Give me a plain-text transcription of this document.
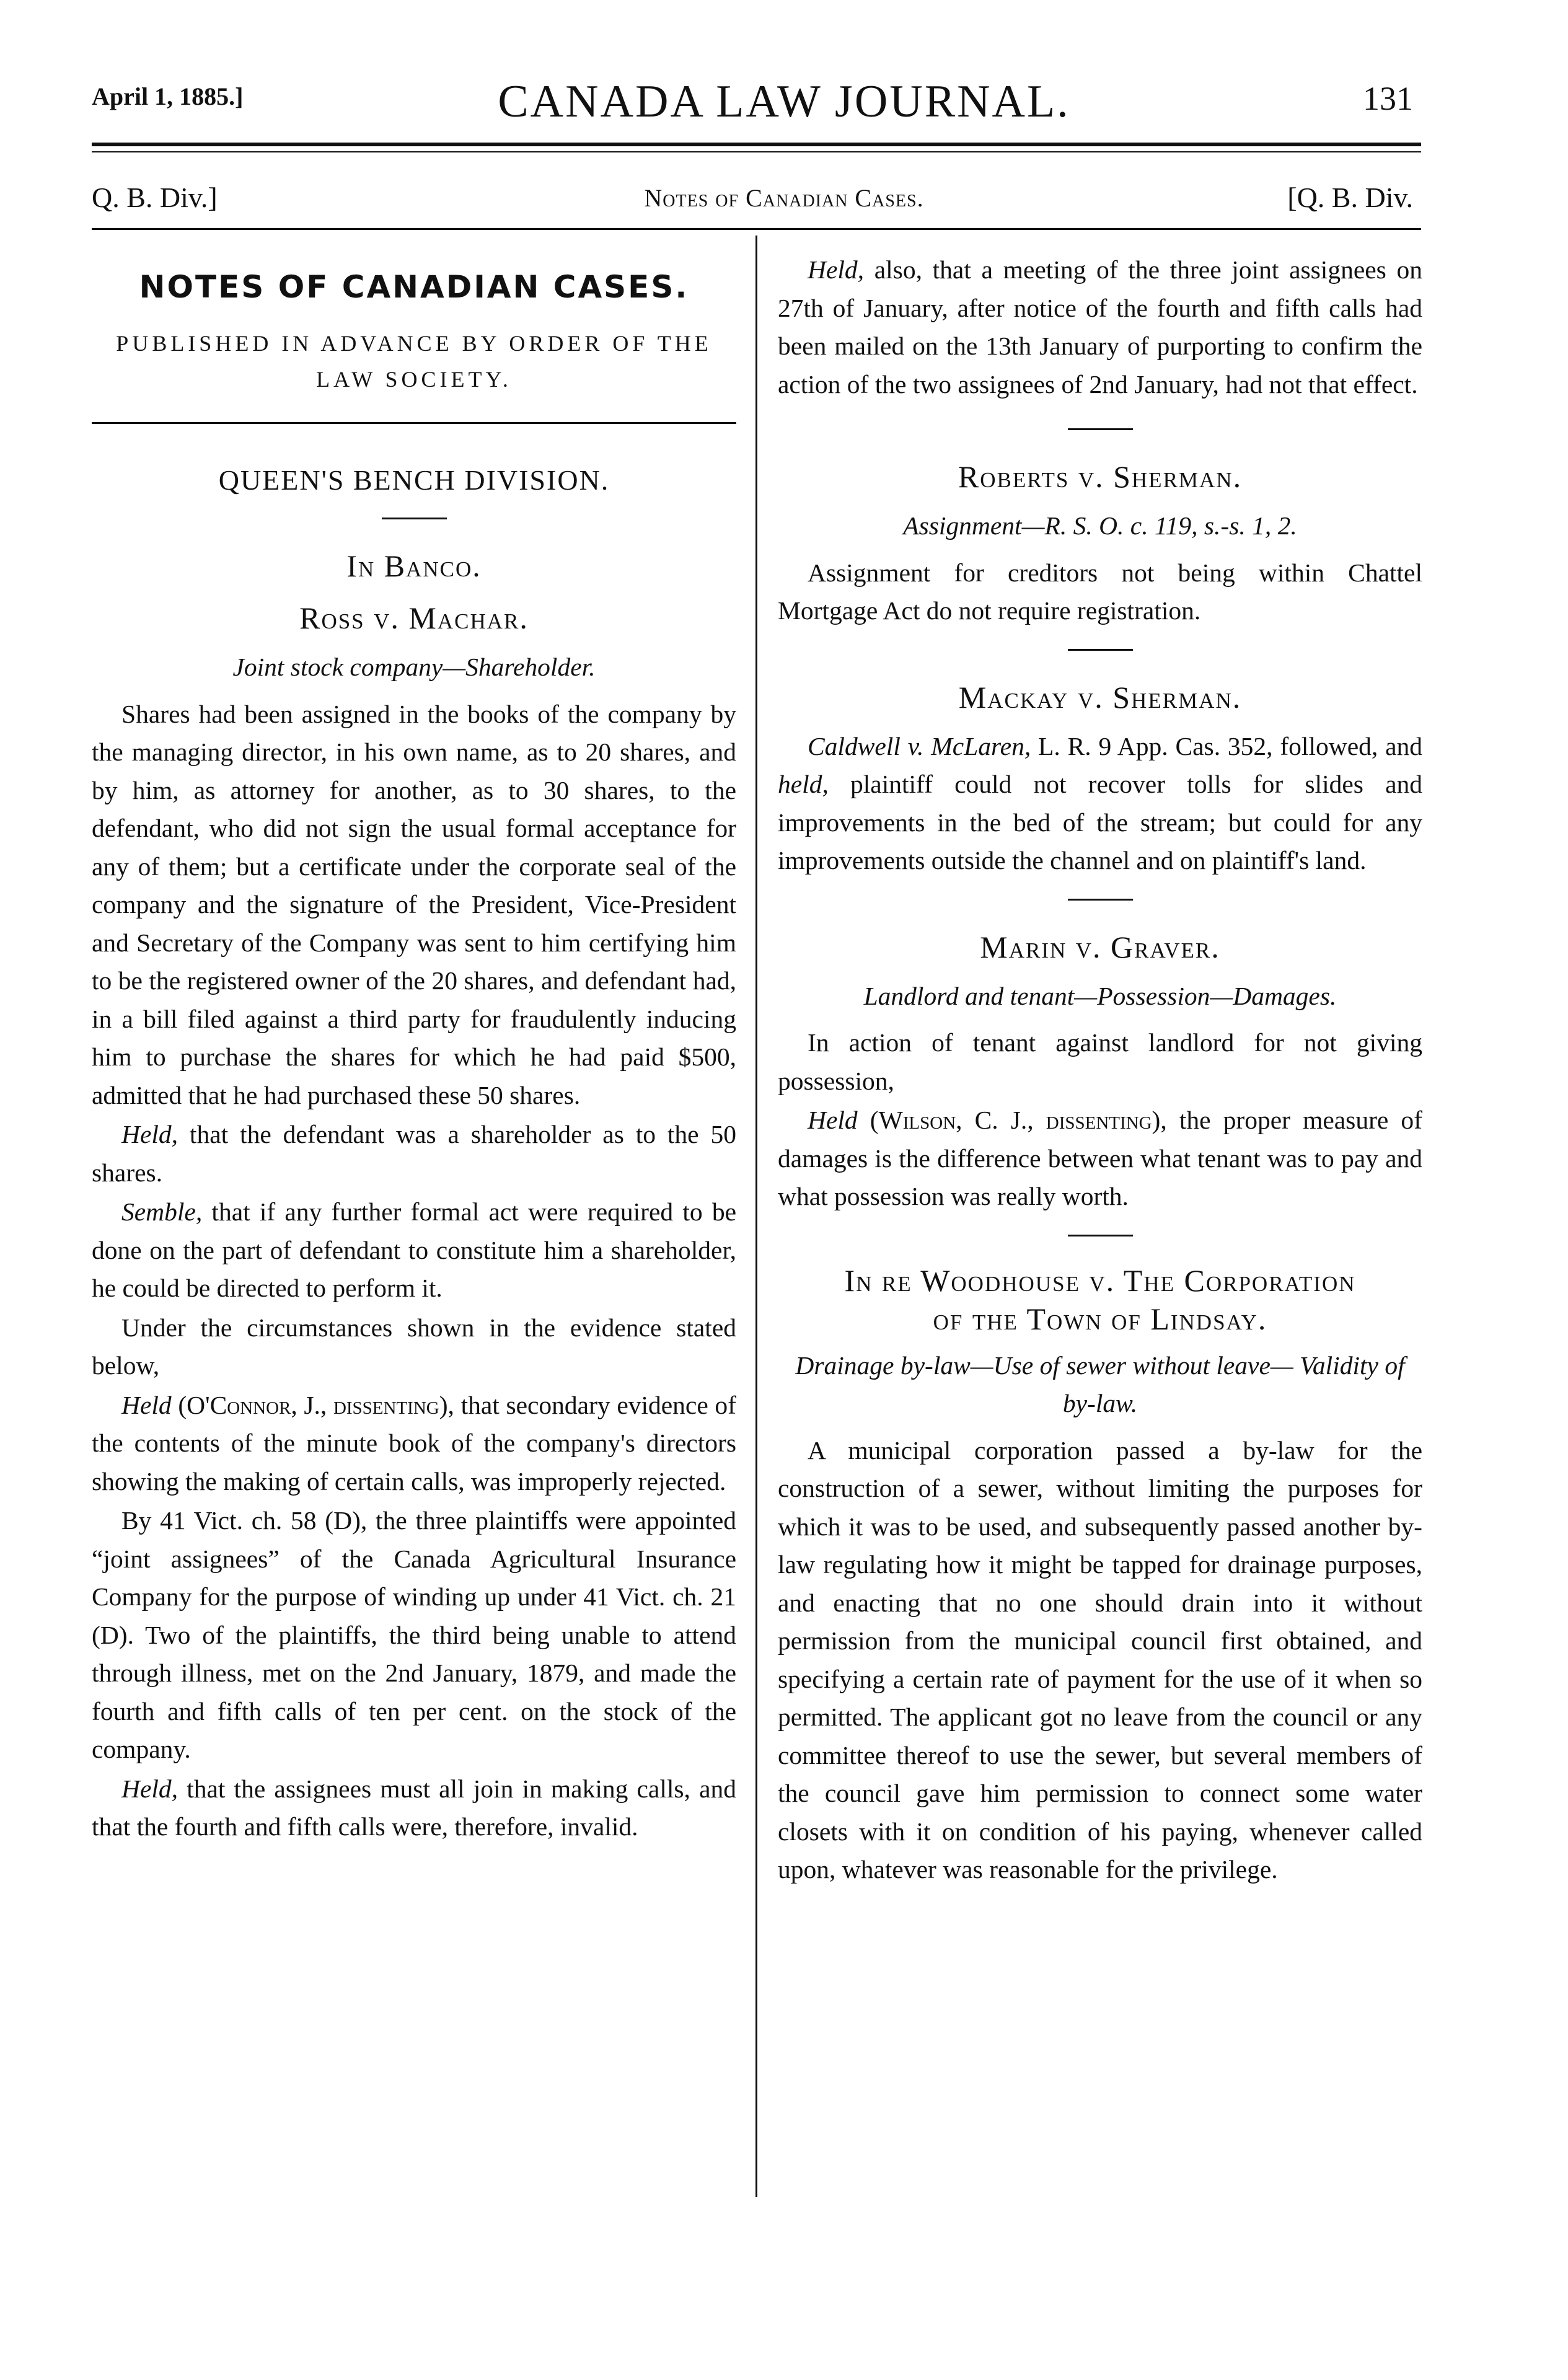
April 1, 1885.]	CANADA LAW JOURNAL.	131
Q. B. Div.]	Notes of Canadian Cases.	[Q. B. Div.
NOTES OF CANADIAN CASES.
PUBLISHED IN ADVANCE BY ORDER OF THE
LAW SOCIETY.
QUEEN'S BENCH DIVISION.
In Banco.
Ross v. Machar.
Joint stock company—Shareholder.

Shares had been assigned in the books of the company by the managing director, in his own name, as to 20 shares, and by him, as attorney for another, as to 30 shares, to the defendant, who did not sign the usual formal acceptance for any of them; but a certificate under the corporate seal of the company and the signature of the President, Vice-President and Secretary of the Company was sent to him certifying him to be the registered owner of the 20 shares, and defendant had, in a bill filed against a third party for fraudulently inducing him to purchase the shares for which he had paid $500, admitted that he had purchased these 50 shares.

Held, that the defendant was a shareholder as to the 50 shares.

Semble, that if any further formal act were required to be done on the part of defendant to constitute him a shareholder, he could be directed to perform it.

Under the circumstances shown in the evidence stated below,

Held (O'Connor, J., dissenting), that secondary evidence of the contents of the minute book of the company's directors showing the making of certain calls, was improperly rejected.

By 41 Vict. ch. 58 (D), the three plaintiffs were appointed “joint assignees” of the Canada Agricultural Insurance Company for the purpose of winding up under 41 Vict. ch. 21 (D). Two of the plaintiffs, the third being unable to attend through illness, met on the 2nd January, 1879, and made the fourth and fifth calls of ten per cent. on the stock of the company.

Held, that the assignees must all join in making calls, and that the fourth and fifth calls were, therefore, invalid.

Held, also, that a meeting of the three joint assignees on 27th of January, after notice of the fourth and fifth calls had been mailed on the 13th January of purporting to confirm the action of the two assignees of 2nd January, had not that effect.

Roberts v. Sherman.
Assignment—R. S. O. c. 119, s.-s. 1, 2.

Assignment for creditors not being within Chattel Mortgage Act do not require registration.

Mackay v. Sherman.

Caldwell v. McLaren, L. R. 9 App. Cas. 352, followed, and held, plaintiff could not recover tolls for slides and improvements in the bed of the stream; but could for any improvements outside the channel and on plaintiff's land.

Marin v. Graver.
Landlord and tenant—Possession—Damages.

In action of tenant against landlord for not giving possession,

Held (Wilson, C. J., dissenting), the proper measure of damages is the difference between what tenant was to pay and what possession was really worth.

In re Woodhouse v. The Corporation
of the Town of Lindsay.
Drainage by-law—Use of sewer without leave— Validity of by-law.

A municipal corporation passed a by-law for the construction of a sewer, without limiting the purposes for which it was to be used, and subsequently passed another by-law regulating how it might be tapped for drainage purposes, and enacting that no one should drain into it without permission from the municipal council first obtained, and specifying a certain rate of payment for the use of it when so permitted. The applicant got no leave from the council or any committee thereof to use the sewer, but several members of the council gave him permission to connect some water closets with it on condition of his paying, whenever called upon, whatever was reasonable for the privilege.
